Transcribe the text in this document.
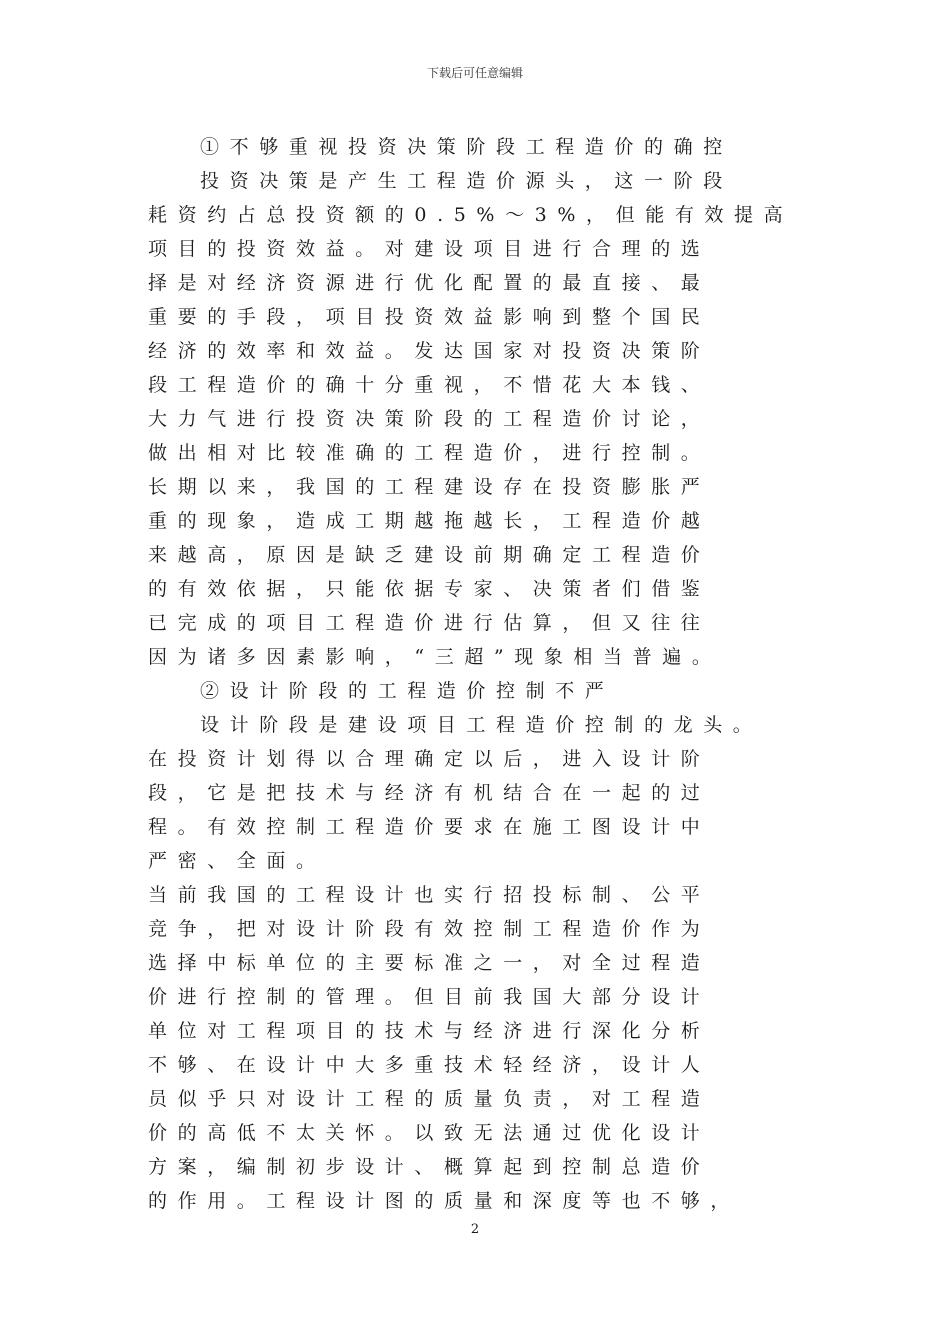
下载后可任意编辑
①不够重视投资决策阶段工程造价的确控
投资决策是产生工程造价源头，这一阶段
耗资约占总投资额的0.5%～3%，但能有效提高
项目的投资效益。对建设项目进行合理的选
择是对经济资源进行优化配置的最直接、最
重要的手段，项目投资效益影响到整个国民
经济的效率和效益。发达国家对投资决策阶
段工程造价的确十分重视，不惜花大本钱、
大力气进行投资决策阶段的工程造价讨论，
做出相对比较准确的工程造价，进行控制。
长期以来，我国的工程建设存在投资膨胀严
重的现象，造成工期越拖越长，工程造价越
来越高，原因是缺乏建设前期确定工程造价
的有效依据，只能依据专家、决策者们借鉴
已完成的项目工程造价进行估算，但又往往
因为诸多因素影响，“三超”现象相当普遍。
②设计阶段的工程造价控制不严
设计阶段是建设项目工程造价控制的龙头。
在投资计划得以合理确定以后，进入设计阶
段，它是把技术与经济有机结合在一起的过
程。有效控制工程造价要求在施工图设计中
严密、全面。
当前我国的工程设计也实行招投标制、公平
竞争，把对设计阶段有效控制工程造价作为
选择中标单位的主要标准之一，对全过程造
价进行控制的管理。但目前我国大部分设计
单位对工程项目的技术与经济进行深化分析
不够、在设计中大多重技术轻经济，设计人
员似乎只对设计工程的质量负责，对工程造
价的高低不太关怀。以致无法通过优化设计
方案，编制初步设计、概算起到控制总造价
的作用。工程设计图的质量和深度等也不够，
2
